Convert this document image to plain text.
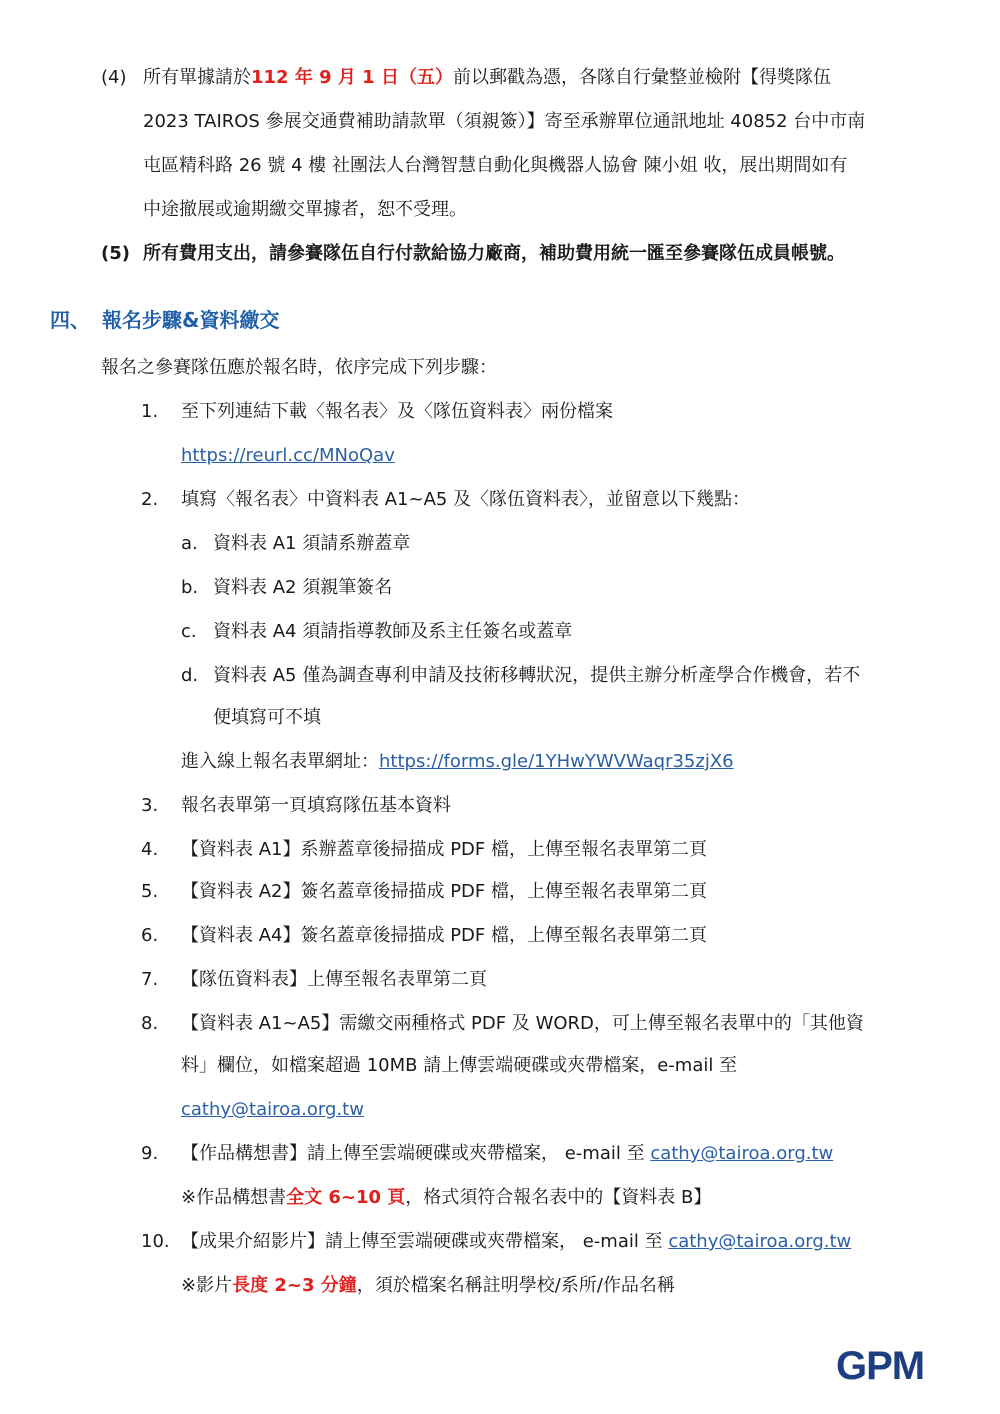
(4) 所有單據請於112 年 9 月 1 日（五）前以郵戳為憑，各隊自行彙整並檢附【得獎隊伍
2023 TAIROS 參展交通費補助請款單（須親簽）】寄至承辦單位通訊地址 40852 台中市南
屯區精科路 26 號 4 樓 社團法人台灣智慧自動化與機器人協會 陳小姐 收，展出期間如有
中途撤展或逾期繳交單據者，恕不受理。
(5) 所有費用支出，請參賽隊伍自行付款給協力廠商，補助費用統一匯至參賽隊伍成員帳號。
四、 報名步驟&資料繳交
報名之參賽隊伍應於報名時，依序完成下列步驟：
1. 至下列連結下載〈報名表〉及〈隊伍資料表〉兩份檔案
https://reurl.cc/MNoQav
2. 填寫〈報名表〉中資料表 A1~A5 及〈隊伍資料表〉，並留意以下幾點：
a. 資料表 A1 須請系辦蓋章
b. 資料表 A2 須親筆簽名
c. 資料表 A4 須請指導教師及系主任簽名或蓋章
d. 資料表 A5 僅為調查專利申請及技術移轉狀況，提供主辦分析產學合作機會，若不
便填寫可不填
進入線上報名表單網址：https://forms.gle/1YHwYWVWaqr35zjX6
3. 報名表單第一頁填寫隊伍基本資料
4. 【資料表 A1】系辦蓋章後掃描成 PDF 檔，上傳至報名表單第二頁
5. 【資料表 A2】簽名蓋章後掃描成 PDF 檔，上傳至報名表單第二頁
6. 【資料表 A4】簽名蓋章後掃描成 PDF 檔，上傳至報名表單第二頁
7. 【隊伍資料表】上傳至報名表單第二頁
8. 【資料表 A1~A5】需繳交兩種格式 PDF 及 WORD，可上傳至報名表單中的「其他資
料」欄位，如檔案超過 10MB 請上傳雲端硬碟或夾帶檔案，e-mail 至
cathy@tairoa.org.tw
9. 【作品構想書】請上傳至雲端硬碟或夾帶檔案， e-mail 至 cathy@tairoa.org.tw
※作品構想書全文 6~10 頁，格式須符合報名表中的【資料表 B】
10. 【成果介紹影片】請上傳至雲端硬碟或夾帶檔案， e-mail 至 cathy@tairoa.org.tw
※影片長度 2~3 分鐘，須於檔案名稱註明學校/系所/作品名稱
GPM
